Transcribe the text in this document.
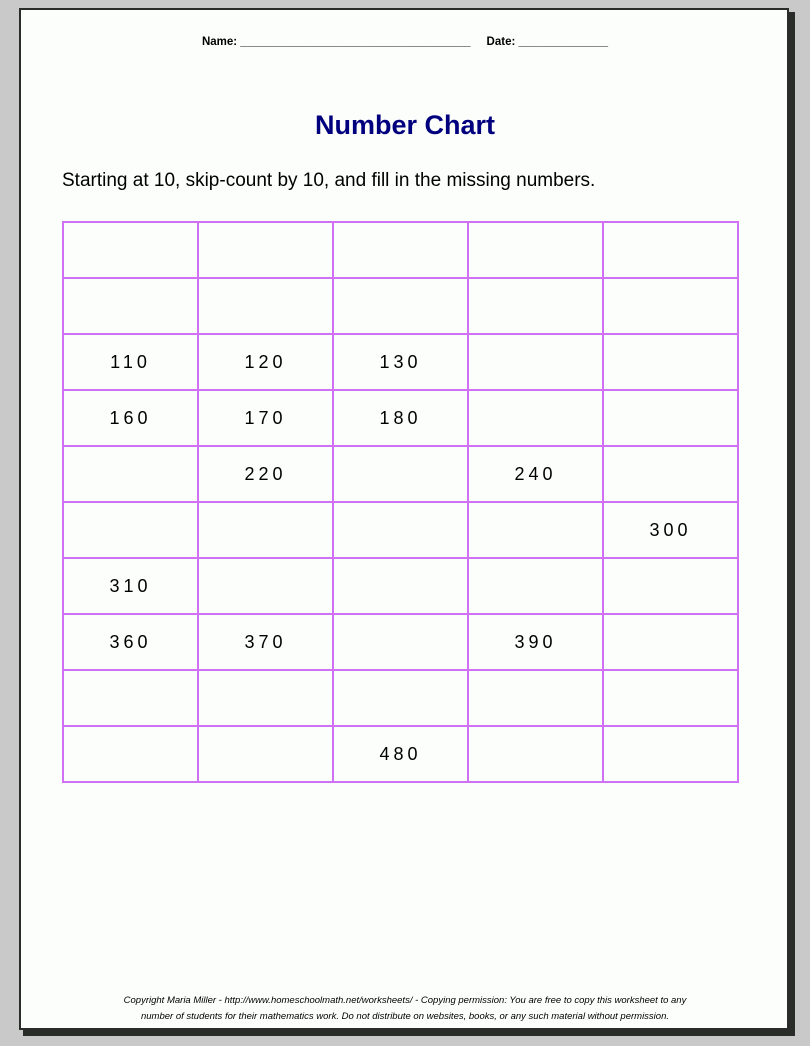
Name: ____________________________________ Date: ______________
Number Chart
Starting at 10, skip-count by 10, and fill in the missing numbers.

110	120	130		
160	170	180		
	220		240	
				300
310				
360	370		390	

		480		
Copyright Maria Miller - http://www.homeschoolmath.net/worksheets/ - Copying permission: You are free to copy this worksheet to any
number of students for their mathematics work. Do not distribute on websites, books, or any such material without permission.
